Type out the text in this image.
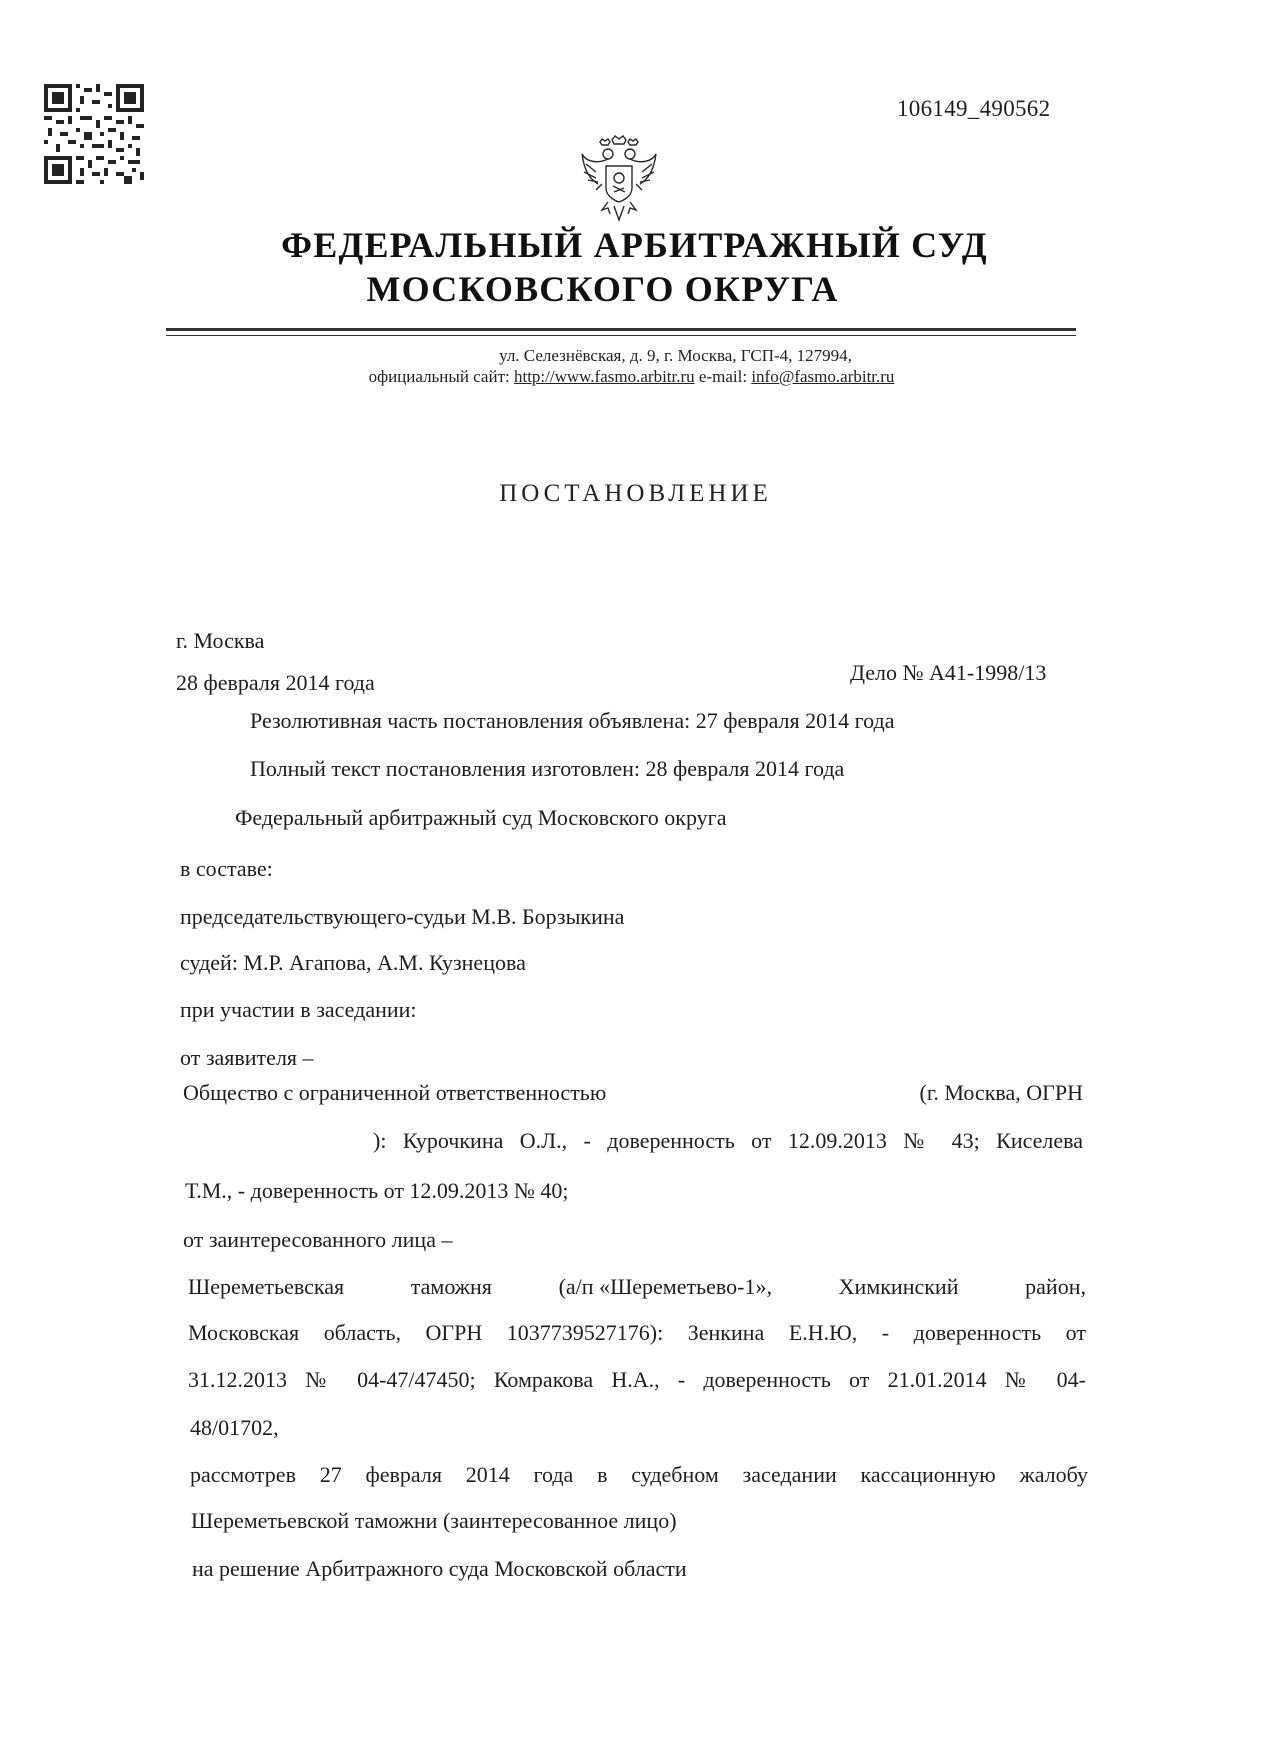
106149_490562
ФЕДЕРАЛЬНЫЙ АРБИТРАЖНЫЙ СУД
МОСКОВСКОГО ОКРУГА
ул. Селезнёвская, д. 9, г. Москва, ГСП-4, 127994,
официальный сайт: http://www.fasmo.arbitr.ru e-mail: info@fasmo.arbitr.ru
ПОСТАНОВЛЕНИЕ
г. Москва
28 февраля 2014 года	Дело № А41-1998/13
Резолютивная часть постановления объявлена: 27 февраля 2014 года
Полный текст постановления изготовлен: 28 февраля 2014 года
Федеральный арбитражный суд Московского округа
в составе:
председательствующего-судьи М.В. Борзыкина
судей: М.Р. Агапова, А.М. Кузнецова
при участии в заседании:
от заявителя –
Общество с ограниченной ответственностью	(г. Москва, ОГРН
): Курочкина О.Л., - доверенность от 12.09.2013 № 43; Киселева
Т.М., - доверенность от 12.09.2013 № 40;
от заинтересованного лица –
Шереметьевская	таможня	(а/п «Шереметьево-1»,	Химкинский	район,
Московская область, ОГРН 1037739527176): Зенкина Е.Н.Ю, - доверенность от
31.12.2013 № 04-47/47450; Комракова Н.А., - доверенность от 21.01.2014 № 04-
48/01702,
рассмотрев 27 февраля 2014 года в судебном заседании кассационную жалобу
Шереметьевской таможни (заинтересованное лицо)
на решение Арбитражного суда Московской области
